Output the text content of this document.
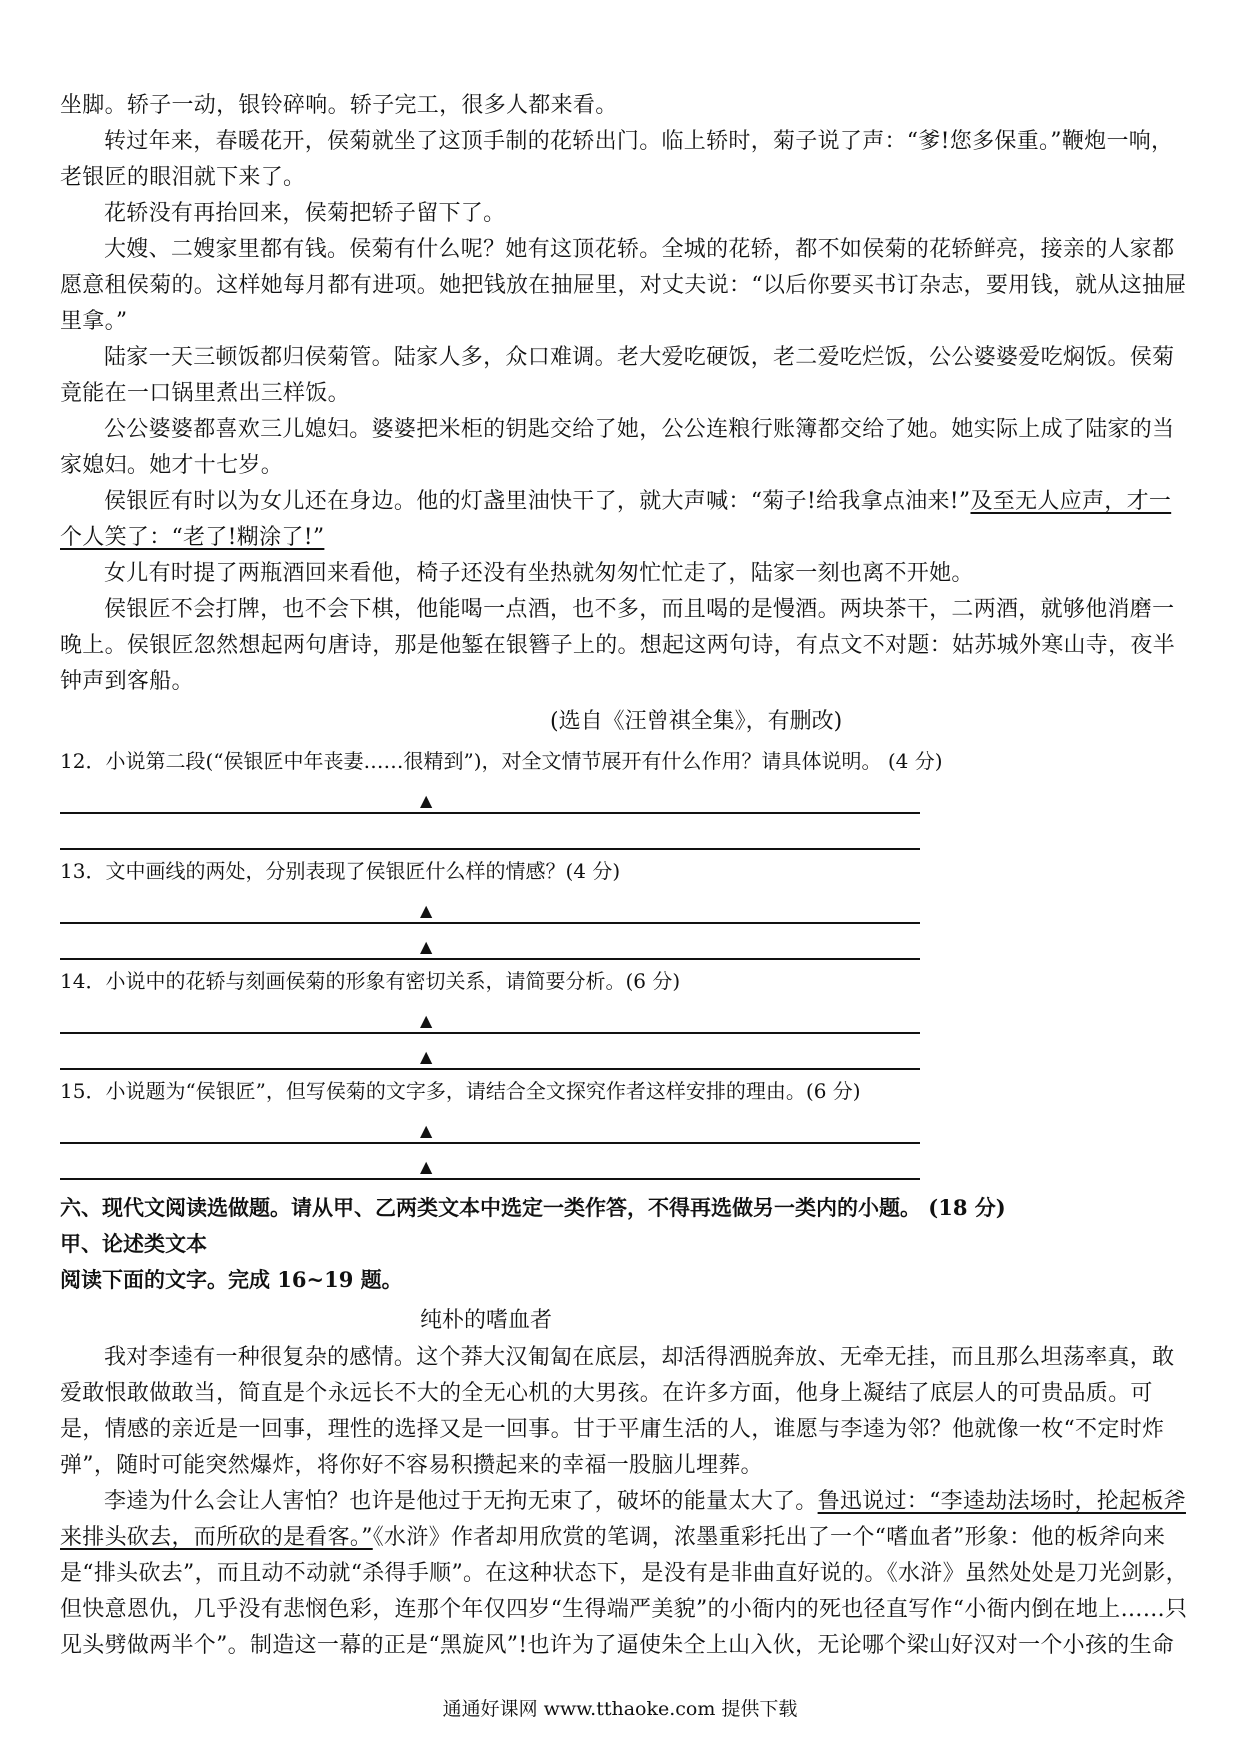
坐脚。轿子一动，银铃碎响。轿子完工，很多人都来看。

转过年来，春暖花开，侯菊就坐了这顶手制的花轿出门。临上轿时，菊子说了声：“爹!您多保重。”鞭炮一响，老银匠的眼泪就下来了。

花轿没有再抬回来，侯菊把轿子留下了。

大嫂、二嫂家里都有钱。侯菊有什么呢？她有这顶花轿。全城的花轿，都不如侯菊的花轿鲜亮，接亲的人家都愿意租侯菊的。这样她每月都有进项。她把钱放在抽屉里，对丈夫说：“以后你要买书订杂志，要用钱，就从这抽屉里拿。”

陆家一天三顿饭都归侯菊管。陆家人多，众口难调。老大爱吃硬饭，老二爱吃烂饭，公公婆婆爱吃焖饭。侯菊竟能在一口锅里煮出三样饭。

公公婆婆都喜欢三儿媳妇。婆婆把米柜的钥匙交给了她，公公连粮行账簿都交给了她。她实际上成了陆家的当家媳妇。她才十七岁。

侯银匠有时以为女儿还在身边。他的灯盏里油快干了，就大声喊：“菊子!给我拿点油来!”及至无人应声，才一个人笑了：“老了!糊涂了!”

女儿有时提了两瓶酒回来看他，椅子还没有坐热就匆匆忙忙走了，陆家一刻也离不开她。

侯银匠不会打牌，也不会下棋，他能喝一点酒，也不多，而且喝的是慢酒。两块茶干，二两酒，就够他消磨一晚上。侯银匠忽然想起两句唐诗，那是他錾在银簪子上的。想起这两句诗，有点文不对题：姑苏城外寒山寺，夜半钟声到客船。

(选自《汪曾祺全集》，有删改)

12．小说第二段(“侯银匠中年丧妻……很精到”)，对全文情节展开有什么作用？请具体说明。 (4 分)

▲

13．文中画线的两处，分别表现了侯银匠什么样的情感？(4 分)

▲
▲

14．小说中的花轿与刻画侯菊的形象有密切关系，请简要分析。(6 分)

▲
▲

15．小说题为“侯银匠”，但写侯菊的文字多，请结合全文探究作者这样安排的理由。(6 分)

▲
▲

六、现代文阅读选做题。请从甲、乙两类文本中选定一类作答，不得再选做另一类内的小题。 (18 分)

甲、论述类文本

阅读下面的文字。完成 16~19 题。

纯朴的嗜血者

我对李逵有一种很复杂的感情。这个莽大汉匍匐在底层，却活得洒脱奔放、无牵无挂，而且那么坦荡率真，敢爱敢恨敢做敢当，简直是个永远长不大的全无心机的大男孩。在许多方面，他身上凝结了底层人的可贵品质。可是，情感的亲近是一回事，理性的选择又是一回事。甘于平庸生活的人，谁愿与李逵为邻？他就像一枚“不定时炸弹”，随时可能突然爆炸，将你好不容易积攒起来的幸福一股脑儿埋葬。

李逵为什么会让人害怕？也许是他过于无拘无束了，破坏的能量太大了。鲁迅说过：“李逵劫法场时，抡起板斧来排头砍去，而所砍的是看客。”《水浒》作者却用欣赏的笔调，浓墨重彩托出了一个“嗜血者”形象：他的板斧向来是“排头砍去”，而且动不动就“杀得手顺”。在这种状态下，是没有是非曲直好说的。《水浒》虽然处处是刀光剑影，但快意恩仇，几乎没有悲悯色彩，连那个年仅四岁“生得端严美貌”的小衙内的死也径直写作“小衙内倒在地上……只见头劈做两半个”。制造这一幕的正是“黑旋风”!也许为了逼使朱仝上山入伙，无论哪个梁山好汉对一个小孩的生命

通通好课网 www.tthaoke.com 提供下载
